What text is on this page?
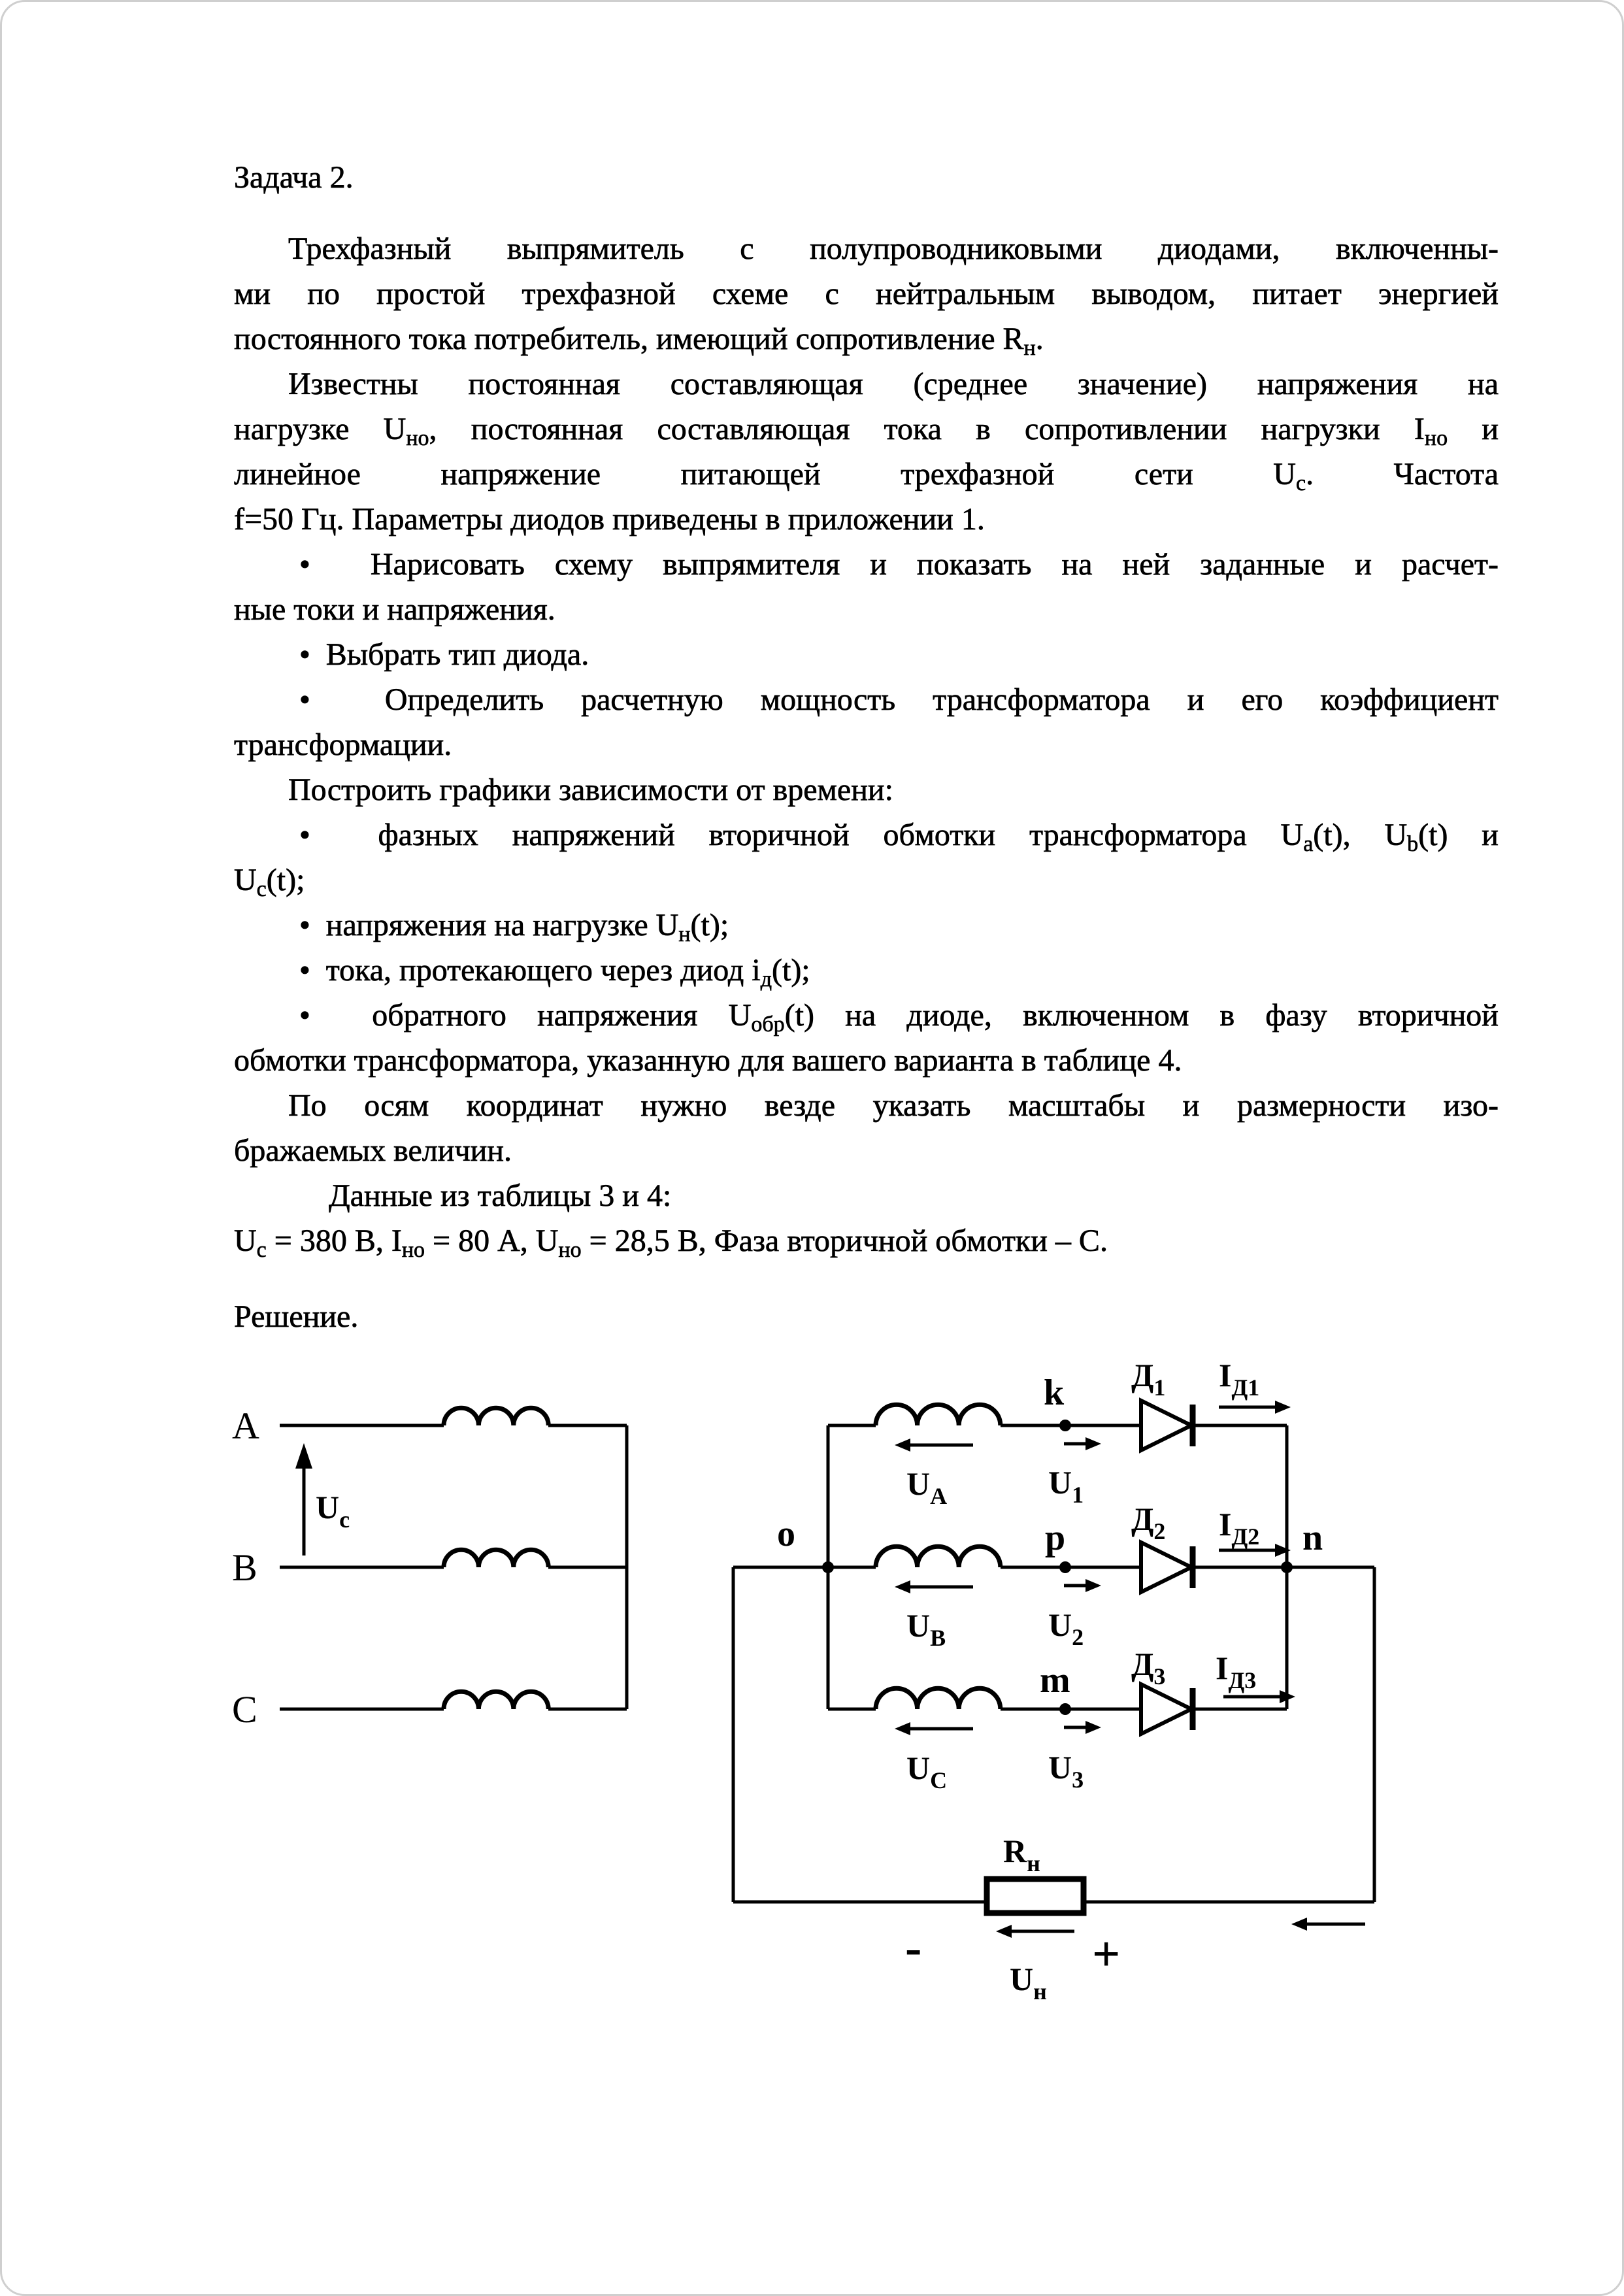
Задача 2.
Трехфазный выпрямитель с полупроводниковыми диодами, включенны-
ми по простой трехфазной схеме с нейтральным выводом, питает энергией
постоянного тока потребитель, имеющий сопротивление $R_н$.
Известны постоянная составляющая (среднее значение) напряжения на
нагрузке $U_{но}$, постоянная составляющая тока в сопротивлении нагрузки $I_{но}$ и
линейное напряжение питающей трехфазной сети $U_c$. Частота
f=50 Гц. Параметры диодов приведены в приложении 1.
•  Нарисовать схему выпрямителя и показать на ней заданные и расчет-
ные токи и напряжения.
•  Выбрать тип диода.
•  Определить расчетную мощность трансформатора и его коэффициент
трансформации.
Построить графики зависимости от времени:
•  фазных напряжений вторичной обмотки трансформатора $U_a(t)$, $U_b(t)$ и
$U_c(t)$;
•  напряжения на нагрузке $U_н(t)$;
•  тока, протекающего через диод $i_д(t)$;
•  обратного напряжения $U_{обр}(t)$ на диоде, включенном в фазу вторичной
обмотки трансформатора, указанную для вашего варианта в таблице 4.
По осям координат нужно везде указать масштабы и размерности изо-
бражаемых величин.
Данные из таблицы 3 и 4:
$U_c = 380$ В, $I_{но} = 80$ А, $U_{но} = 28,5$ В, Фаза вторичной обмотки – С.
Решение.
A
B
C
Uc	o
k
UA	U1
Д1 IД1
p
UB	U2
Д2 IД2 n
m
UC	U3
Д3 IД3
Rн
-	+
Uн
